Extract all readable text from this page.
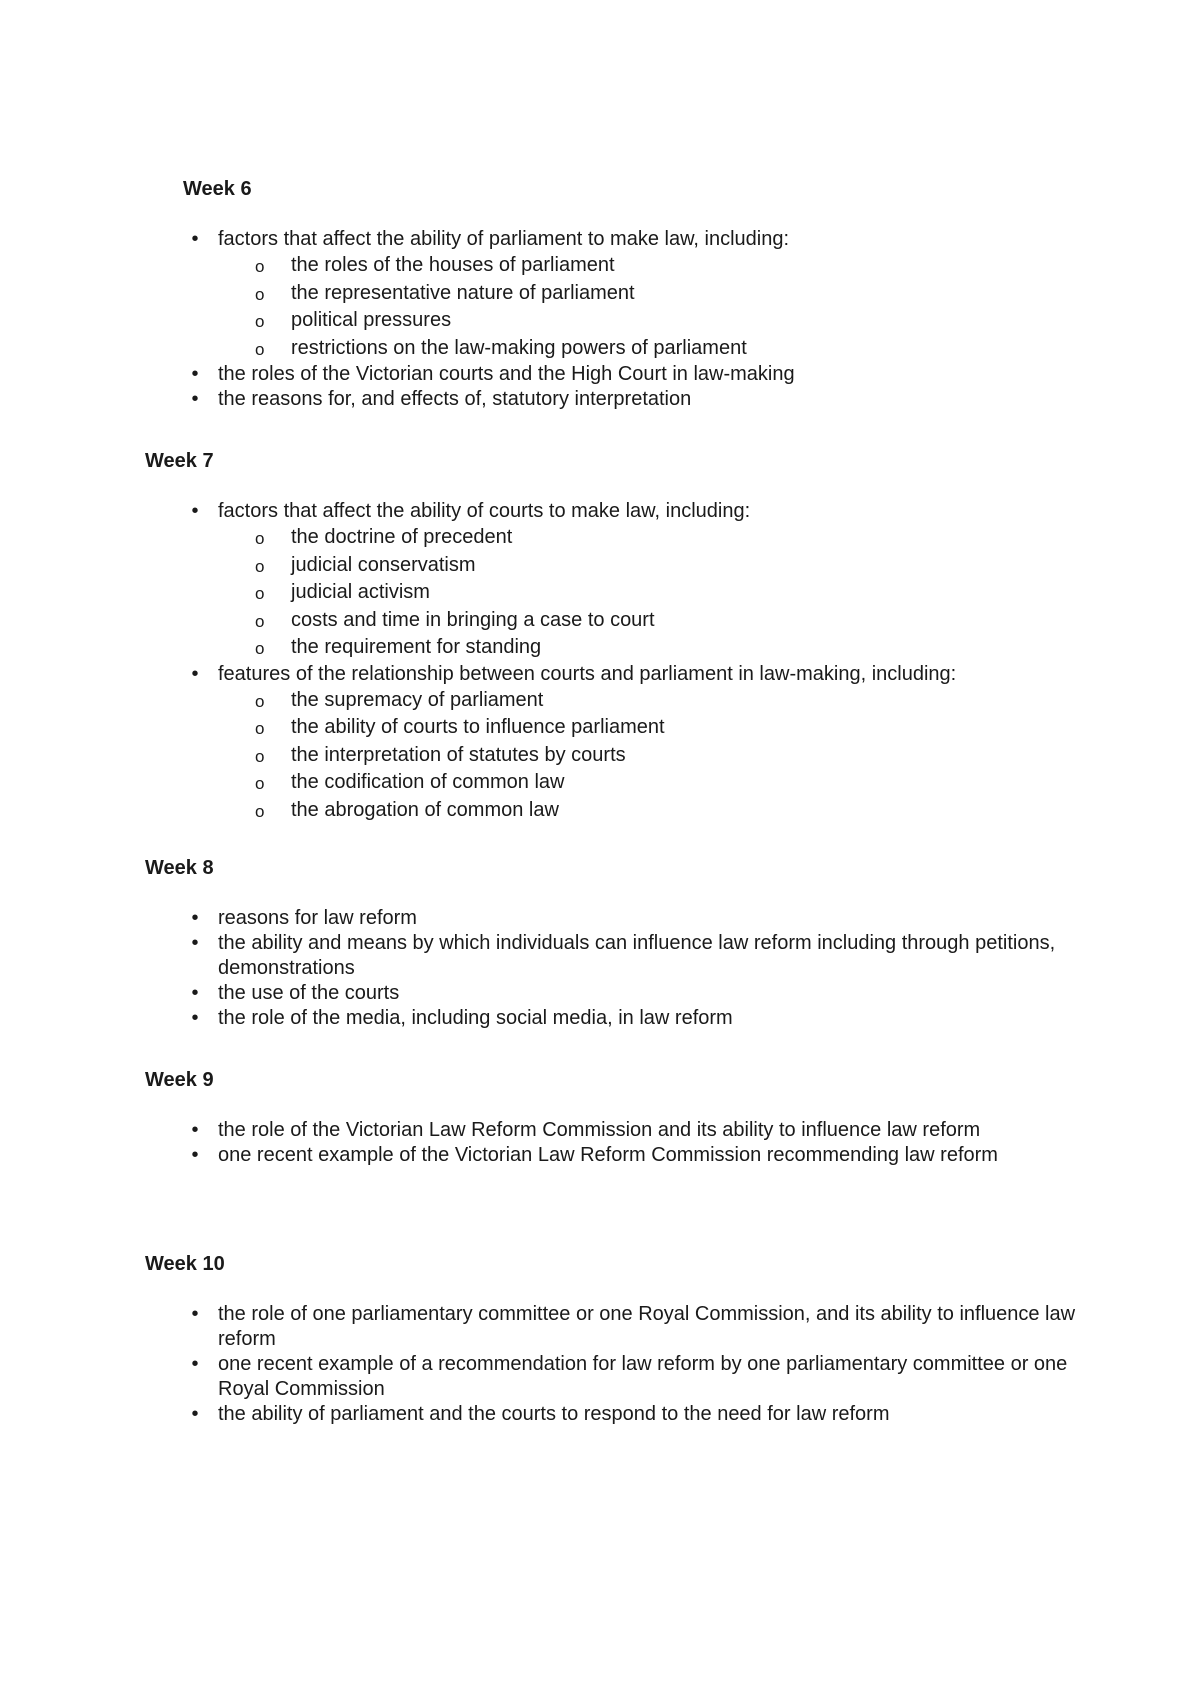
Week 6
• factors that affect the ability of parliament to make law, including:
o the roles of the houses of parliament
o the representative nature of parliament
o political pressures
o restrictions on the law-making powers of parliament
• the roles of the Victorian courts and the High Court in law-making
• the reasons for, and effects of, statutory interpretation
Week 7
• factors that affect the ability of courts to make law, including:
o the doctrine of precedent
o judicial conservatism
o judicial activism
o costs and time in bringing a case to court
o the requirement for standing
• features of the relationship between courts and parliament in law-making, including:
o the supremacy of parliament
o the ability of courts to influence parliament
o the interpretation of statutes by courts
o the codification of common law
o the abrogation of common law
Week 8
• reasons for law reform
• the ability and means by which individuals can influence law reform including through petitions, demonstrations
• the use of the courts
• the role of the media, including social media, in law reform
Week 9
• the role of the Victorian Law Reform Commission and its ability to influence law reform
• one recent example of the Victorian Law Reform Commission recommending law reform
Week 10
• the role of one parliamentary committee or one Royal Commission, and its ability to influence law reform
• one recent example of a recommendation for law reform by one parliamentary committee or one Royal Commission
• the ability of parliament and the courts to respond to the need for law reform
